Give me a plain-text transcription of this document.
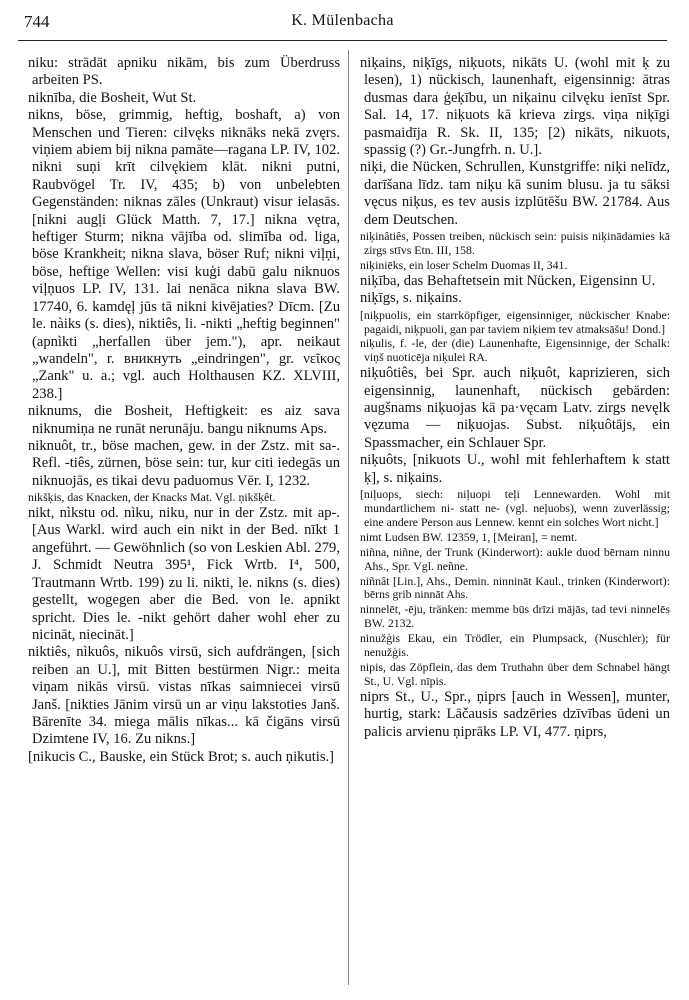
744	K. Mülenbacha

niku: strādāt apniku nikām, bis zum Überdruss arbeiten PS.

niknība, die Bosheit, Wut St.

nikns, böse, grimmig, heftig, boshaft, a) von Menschen und Tieren: cilvęks niknāks nekā zvęrs. viņiem abiem bij nikna pamāte—ragana LP. IV, 102. nikni suņi krīt cilvękiem klāt. nikni putni, Raubvögel Tr. IV, 435; b) von unbelebten Gegenständen: niknas zāles (Unkraut) visur ielasās. [nikni augļi Glück Matth. 7, 17.] nikna vętra, heftiger Sturm; nikna vājība od. slimība od. liga, böse Krankheit; nikna slava, böser Ruf; nikni viļņi, böse, heftige Wellen: visi kuģi dabū galu niknuos viļņuos LP. IV, 131. lai nenāca nikna slava BW. 17740, 6. kamdęļ jūs tā nikni kivējaties? Dīcm. [Zu le. nàiks (s. dies), niktiês, li. -nikti „heftig beginnen" (apnìkti „herfallen über jem."), apr. neikaut „wandeln", r. вникнуть „eindringen", gr. νεῖκος „Zank" u. a.; vgl. auch Holthausen KZ. XLVIII, 238.]

niknums, die Bosheit, Heftigkeit: es aiz sava niknumiņa ne runāt nerunāju. bangu niknums Aps.

niknuôt, tr., böse machen, gew. in der Zstz. mit sa-. Refl. -tiês, zürnen, böse sein: tur, kur citi iedegās un niknuojās, es tikai devu paduomus Vēr. I, 1232.

nikšķis, das Knacken, der Knacks Mat. Vgl. ņikšķêt.

nikt, nìkstu od. nìku, niku, nur in der Zstz. mit ap-. [Aus Warkl. wird auch ein nikt in der Bed. nīkt 1 angeführt. — Gewöhnlich (so von Leskien Abl. 279, J. Schmidt Neutra 395¹, Fick Wrtb. I⁴, 500, Trautmann Wrtb. 199) zu li. nikti, le. nikns (s. dies) gestellt, wogegen aber die Bed. von le. apnikt spricht. Dies le. -nikt gehört daher wohl eher zu nicināt, niecināt.]

niktiês, nìkuôs, nikuôs virsū, sich aufdrängen, [sich reiben an U.], mit Bitten bestürmen Nigr.: meita viņam nikās virsū. vistas nīkas saimniecei virsū Janš. [nikties Jānim virsū un ar viņu lakstoties Janš. Bārenīte 34. miega mālis nīkas... kā čigāns virsū Dzimtene IV, 16. Zu nikns.]

[nikucis C., Bauske, ein Stück Brot; s. auch ņikutis.]

niķains, niķīgs, niķuots, nikāts U. (wohl mit ķ zu lesen), 1) nückisch, launenhaft, eigensinnig: ātras dusmas dara ģeķību, un niķainu cilvęku ienīst Spr. Sal. 14, 17. niķuots kā krieva zirgs. viņa niķīgi pasmaidīja R. Sk. II, 135; [2) nikāts, nikuots, spassig (?) Gr.-Jungfrh. n. U.].

niķi, die Nücken, Schrullen, Kunstgriffe: niķi nelīdz, darīšana līdz. tam niķu kā sunim blusu. ja tu sāksi vęcus niķus, es tev ausis izplūtēšu BW. 21784. Aus dem Deutschen.

niķinâtiês, Possen treiben, nückisch sein: puisis niķinādamies kā zirgs stīvs Etn. III, 158.

niķiniēks, ein loser Schelm Duomas II, 341.

niķība, das Behaftetsein mit Nücken, Eigensinn U.

niķīgs, s. niķains.

[niķpuolis, ein starrköpfiger, eigensinniger, nückischer Knabe: pagaidi, niķpuoli, gan par taviem niķiem tev atmaksāšu! Dond.]

niķulis, f. -le, der (die) Launenhafte, Eigensinnige, der Schalk: viņš nuoticēja niķulei RA.

niķuôtiês, bei Spr. auch niķuôt, kaprizieren, sich eigensinnig, launenhaft, nückisch gebärden: augšnams niķuojas kā pa·vęcam Latv. zirgs nevęlk vęzuma — niķuojas. Subst. niķuôtājs, ein Spassmacher, ein Schlauer Spr.

niķuôts, [nikuots U., wohl mit fehlerhaftem k statt ķ], s. niķains.

[niļuops, siech: niļuopi teļi Lennewarden. Wohl mit mundartlichem ni- statt ne- (vgl. neļuobs), wenn zuverlässig; eine andere Person aus Lennew. kennt ein solches Wort nicht.]

nimt Ludsen BW. 12359, 1, [Meiran], = nemt.

niñna, niñne, der Trunk (Kinderwort): aukle duod bērnam ninnu Ahs., Spr. Vgl. neñne.

niñnât [Lin.], Ahs., Demin. ninnināt Kaul., trinken (Kinderwort): bērns grib ninnāt Ahs.

ninnelēt, -ēju, tränken: memme būs drīzi mājās, tad tevi ninnelēs BW. 2132.

ninužģis Ekau, ein Trödler, ein Plumpsack, (Nuschler); für nenužģis.

nipis, das Zöpflein, das dem Truthahn über dem Schnabel hängt St., U. Vgl. nīpis.

niprs St., U., Spr., ņiprs [auch in Wessen], munter, hurtig, stark: Lāčausis sadzēries dzīvības ūdeni un palicis arvienu ņiprāks LP. VI, 477. ņiprs,
